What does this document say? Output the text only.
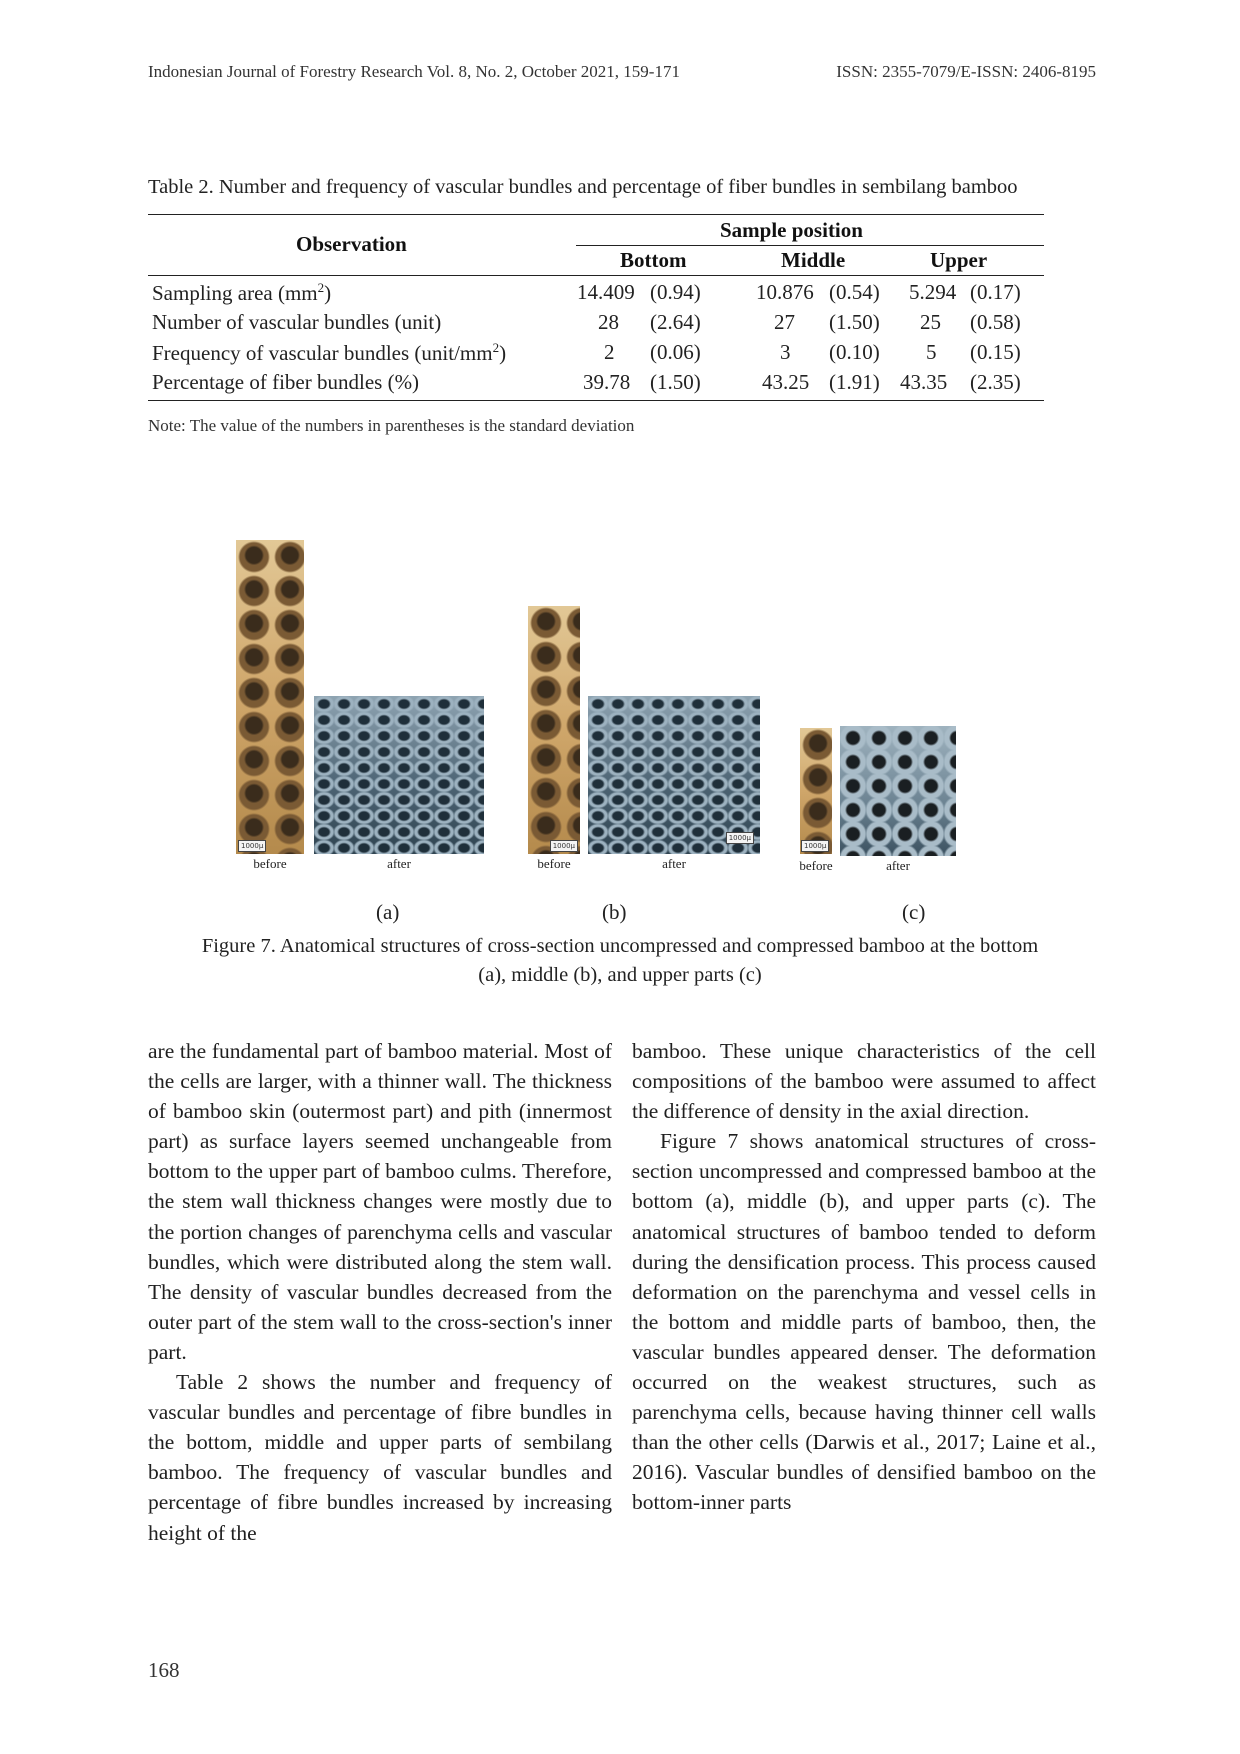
Indonesian Journal of Forestry Research Vol. 8, No. 2, October 2021, 159-171	ISSN: 2355-7079/E-ISSN: 2406-8195
Table 2. Number and frequency of vascular bundles and percentage of fiber bundles in sembilang bamboo
Observation
Sample position
Bottom	Middle	Upper
Sampling area $(mm^2)$	14.409 (0.94)	10.876 (0.54) 5.294 (0.17)
Number of vascular bundles (unit)	28 (2.64)	27 (1.50) 25 (0.58)
Frequency of vascular bundles $(unit/mm^2)$	2 (0.06)	3 (0.10) 5 (0.15)
Percentage of fiber bundles (%)	39.78 (1.50)	43.25 (1.91) 43.35 (2.35)
Note: The value of the numbers in parentheses is the standard deviation
1000µ
before	after
1000µ
1000µ
before	after
1000µ
before	after
(a)	(b)	(c)
Figure 7. Anatomical structures of cross-section uncompressed and compressed bamboo at the bottom
(a), middle (b), and upper parts (c)

are the fundamental part of bamboo material. Most of the cells are larger, with a thinner wall. The thickness of bamboo skin (outermost part) and pith (innermost part) as surface layers seemed unchangeable from bottom to the upper part of bamboo culms. Therefore, the stem wall thickness changes were mostly due to the portion changes of parenchyma cells and vascular bundles, which were distributed along the stem wall. The density of vascular bundles decreased from the outer part of the stem wall to the cross-section's inner part.

Table 2 shows the number and frequency of vascular bundles and percentage of fibre bundles in the bottom, middle and upper parts of sembilang bamboo. The frequency of vascular bundles and percentage of fibre bundles increased by increasing height of the

bamboo. These unique characteristics of the cell compositions of the bamboo were assumed to affect the difference of density in the axial direction.

Figure 7 shows anatomical structures of cross-section uncompressed and compressed bamboo at the bottom (a), middle (b), and upper parts (c). The anatomical structures of bamboo tended to deform during the densification process. This process caused deformation on the parenchyma and vessel cells in the bottom and middle parts of bamboo, then, the vascular bundles appeared denser. The deformation occurred on the weakest structures, such as parenchyma cells, because having thinner cell walls than the other cells (Darwis et al., 2017; Laine et al., 2016). Vascular bundles of densified bamboo on the bottom-inner parts

168
